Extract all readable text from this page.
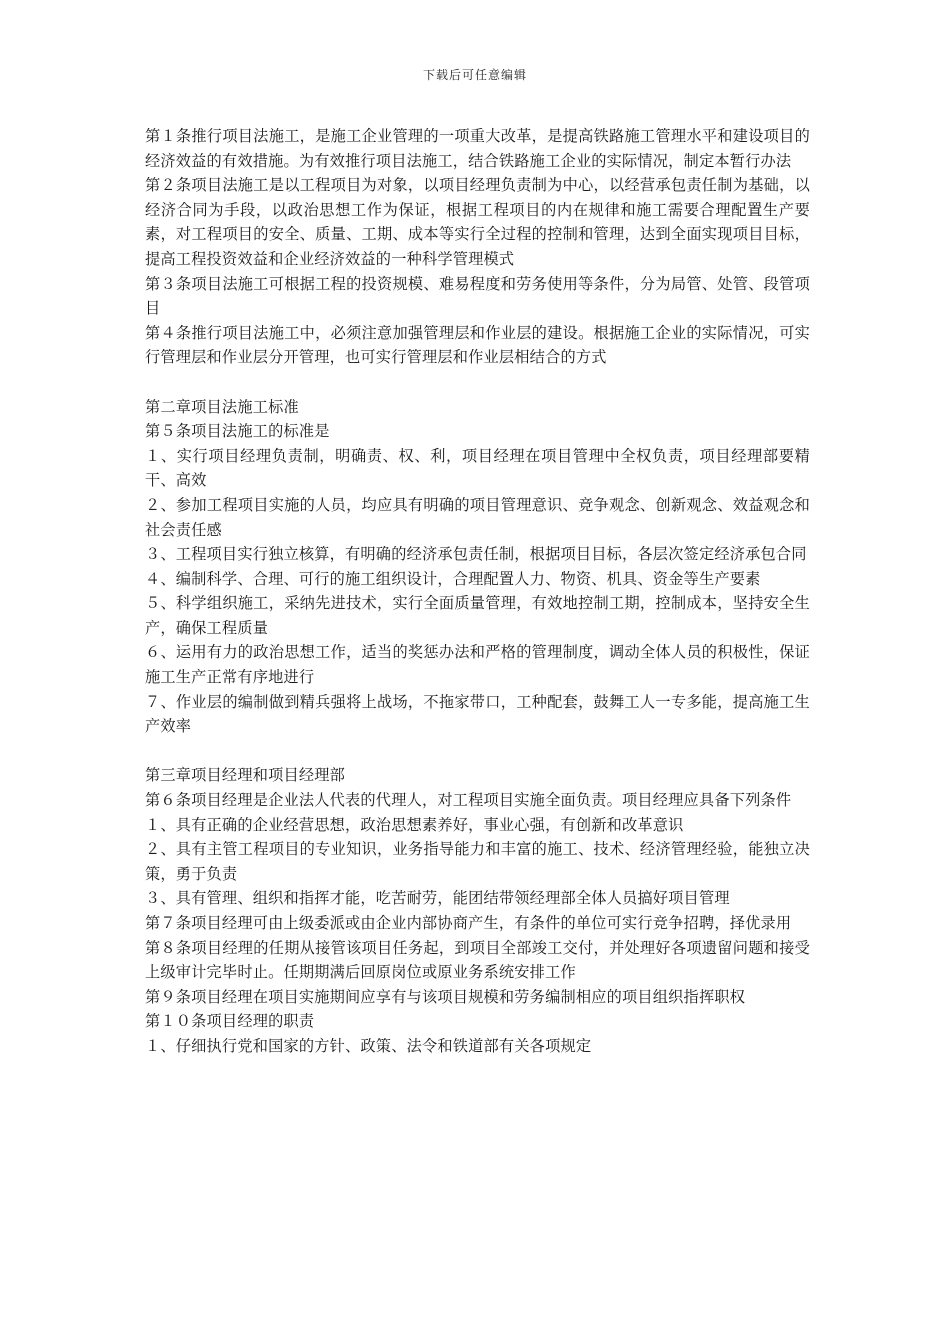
下载后可任意编辑

第１条推行项目法施工，是施工企业管理的一项重大改革，是提高铁路施工管理水平和建设项目的经济效益的有效措施。为有效推行项目法施工，结合铁路施工企业的实际情况，制定本暂行办法

第２条项目法施工是以工程项目为对象，以项目经理负责制为中心，以经营承包责任制为基础，以经济合同为手段，以政治思想工作为保证，根据工程项目的内在规律和施工需要合理配置生产要素，对工程项目的安全、质量、工期、成本等实行全过程的控制和管理，达到全面实现项目目标，提高工程投资效益和企业经济效益的一种科学管理模式

第３条项目法施工可根据工程的投资规模、难易程度和劳务使用等条件，分为局管、处管、段管项目

第４条推行项目法施工中，必须注意加强管理层和作业层的建设。根据施工企业的实际情况，可实行管理层和作业层分开管理，也可实行管理层和作业层相结合的方式

第二章项目法施工标准

第５条项目法施工的标准是

１、实行项目经理负责制，明确责、权、利，项目经理在项目管理中全权负责，项目经理部要精干、高效

２、参加工程项目实施的人员，均应具有明确的项目管理意识、竞争观念、创新观念、效益观念和社会责任感

３、工程项目实行独立核算，有明确的经济承包责任制，根据项目目标，各层次签定经济承包合同

４、编制科学、合理、可行的施工组织设计，合理配置人力、物资、机具、资金等生产要素

５、科学组织施工，采纳先进技术，实行全面质量管理，有效地控制工期，控制成本，坚持安全生产，确保工程质量

６、运用有力的政治思想工作，适当的奖惩办法和严格的管理制度，调动全体人员的积极性，保证施工生产正常有序地进行

７、作业层的编制做到精兵强将上战场，不拖家带口，工种配套，鼓舞工人一专多能，提高施工生产效率

第三章项目经理和项目经理部

第６条项目经理是企业法人代表的代理人，对工程项目实施全面负责。项目经理应具备下列条件

１、具有正确的企业经营思想，政治思想素养好，事业心强，有创新和改革意识

２、具有主管工程项目的专业知识，业务指导能力和丰富的施工、技术、经济管理经验，能独立决策，勇于负责

３、具有管理、组织和指挥才能，吃苦耐劳，能团结带领经理部全体人员搞好项目管理

第７条项目经理可由上级委派或由企业内部协商产生，有条件的单位可实行竞争招聘，择优录用

第８条项目经理的任期从接管该项目任务起，到项目全部竣工交付，并处理好各项遗留问题和接受上级审计完毕时止。任期期满后回原岗位或原业务系统安排工作

第９条项目经理在项目实施期间应享有与该项目规模和劳务编制相应的项目组织指挥职权

第１０条项目经理的职责

１、仔细执行党和国家的方针、政策、法令和铁道部有关各项规定
